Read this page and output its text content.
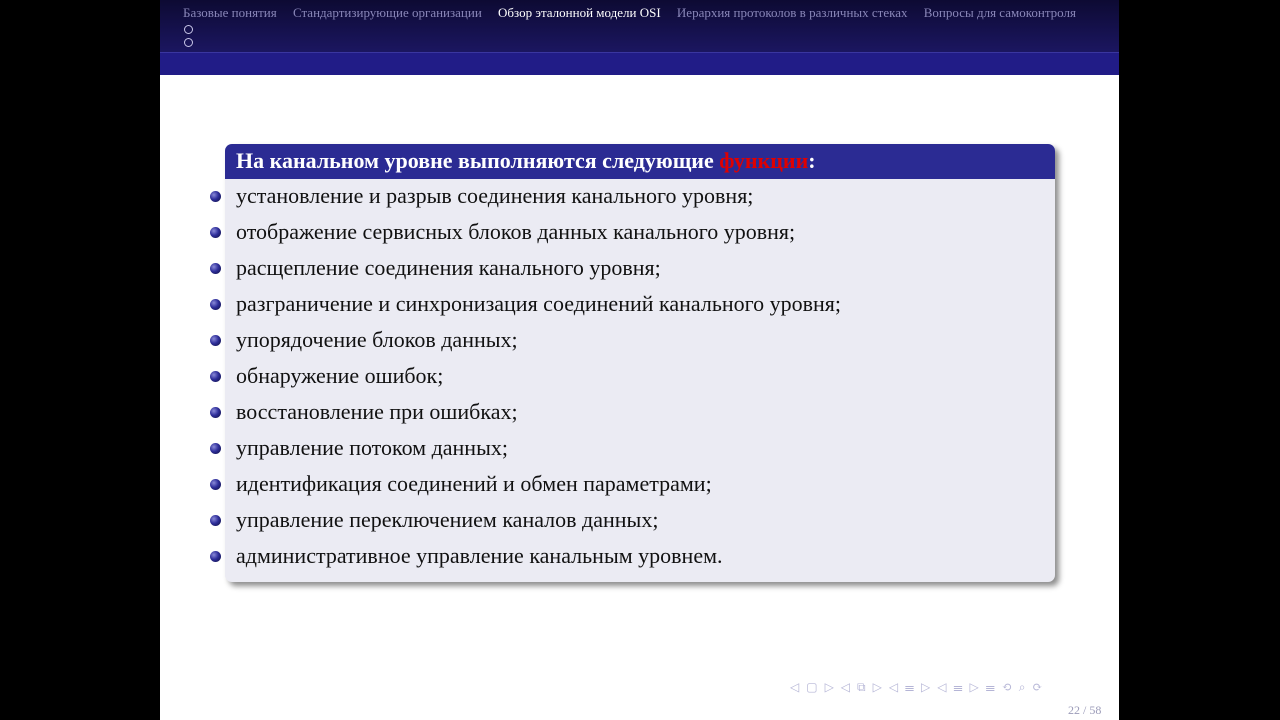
Базовые понятия Стандартизирующие организации Обзор эталонной модели OSI Иерархия протоколов в различных стеках Вопросы для самоконтроля
На канальном уровне выполняются следующие функции:
установление и разрыв соединения канального уровня;
отображение сервисных блоков данных канального уровня;
расщепление соединения канального уровня;
разграничение и синхронизация соединений канального уровня;
упорядочение блоков данных;
обнаружение ошибок;
восстановление при ошибках;
управление потоком данных;
идентификация соединений и обмен параметрами;
управление переключением каналов данных;
административное управление канальным уровнем.
◁ ▢ ▷ ◁ ⧉ ▷ ◁ ☰ ▷ ◁ ☰ ▷ ☰ ⟲ ⌕ ⟳
22 / 58
